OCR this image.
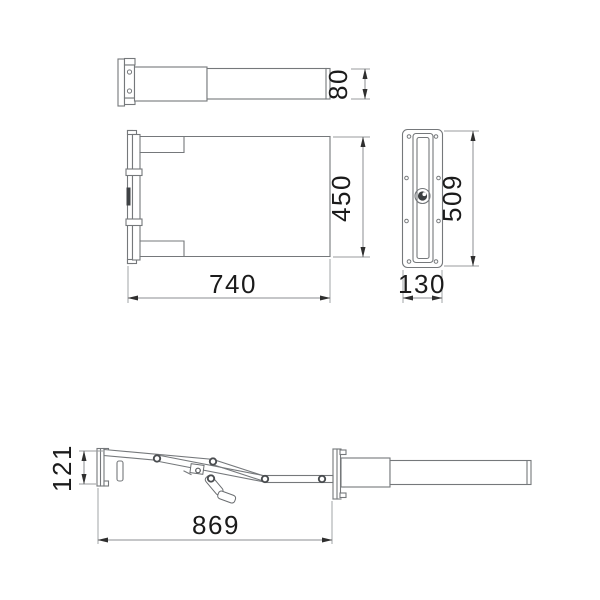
80
450
740
509
130
121
869
